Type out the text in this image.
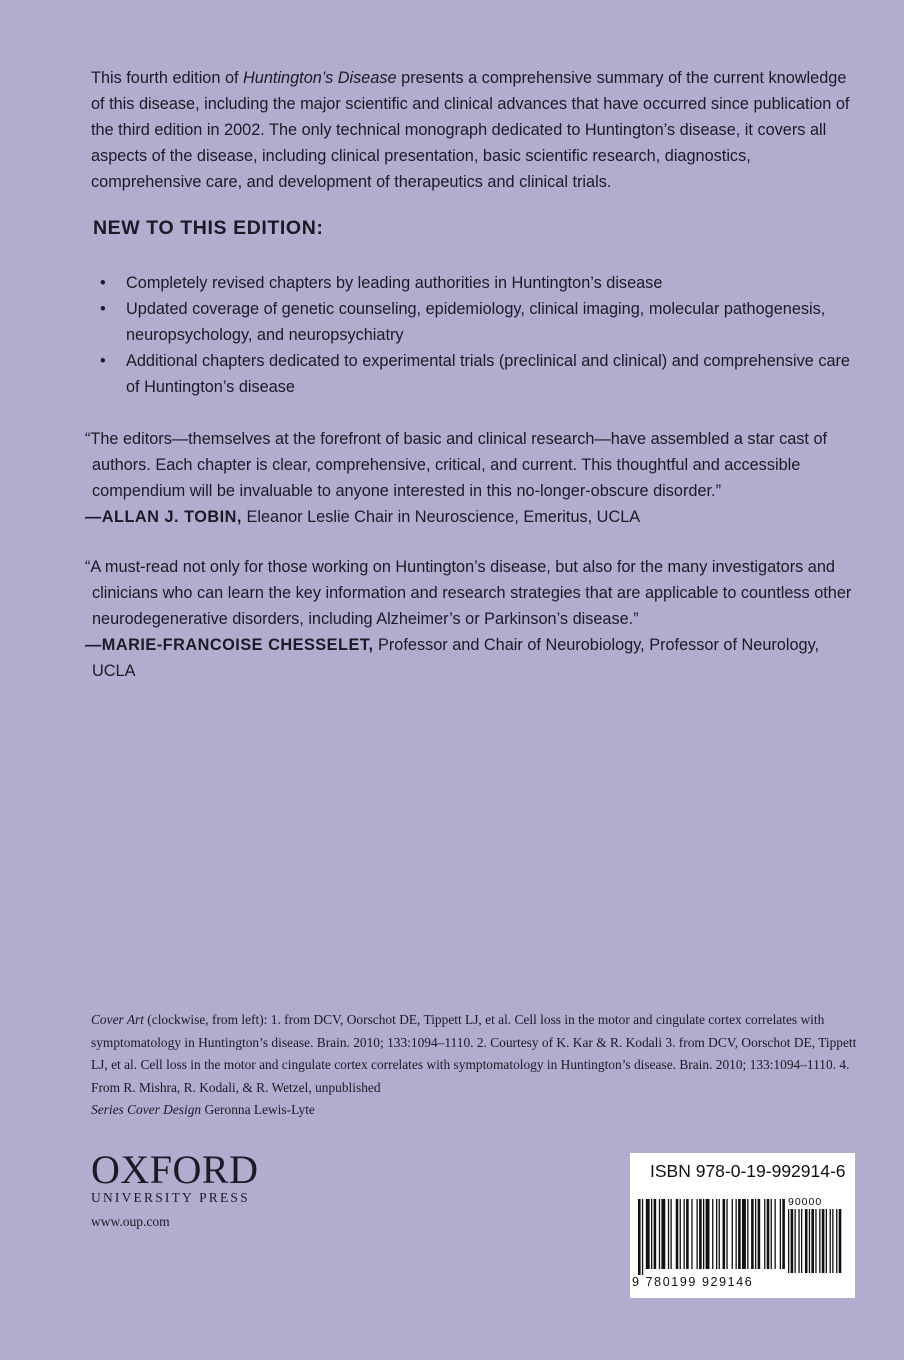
This fourth edition of Huntington’s Disease presents a comprehensive summary of the current knowledge of this disease, including the major scientific and clinical advances that have occurred since publication of the third edition in 2002. The only technical monograph dedicated to Huntington’s disease, it covers all aspects of the disease, including clinical presentation, basic scientific research, diagnostics, comprehensive care, and development of therapeutics and clinical trials.

NEW TO THIS EDITION:
• Completely revised chapters by leading authorities in Huntington’s disease
• Updated coverage of genetic counseling, epidemiology, clinical imaging, molecular pathogenesis, neuropsychology, and neuropsychiatry
• Additional chapters dedicated to experimental trials (preclinical and clinical) and comprehensive care of Huntington’s disease

“The editors—themselves at the forefront of basic and clinical research—have assembled a star cast of authors. Each chapter is clear, comprehensive, critical, and current. This thoughtful and accessible compendium will be invaluable to anyone interested in this no-longer-obscure disorder.”

—ALLAN J. TOBIN, Eleanor Leslie Chair in Neuroscience, Emeritus, UCLA

“A must-read not only for those working on Huntington’s disease, but also for the many investigators and clinicians who can learn the key information and research strategies that are applicable to countless other neurodegenerative disorders, including Alzheimer’s or Parkinson’s disease.”

—MARIE-FRANCOISE CHESSELET, Professor and Chair of Neurobiology, Professor of Neurology, UCLA

Cover Art (clockwise, from left): 1. from DCV, Oorschot DE, Tippett LJ, et al. Cell loss in the motor and cingulate cortex correlates with symptomatology in Huntington’s disease. Brain. 2010; 133:1094–1110. 2. Courtesy of K. Kar & R. Kodali 3. from DCV, Oorschot DE, Tippett LJ, et al. Cell loss in the motor and cingulate cortex correlates with symptomatology in Huntington’s disease. Brain. 2010; 133:1094–1110. 4. From R. Mishra, R. Kodali, & R. Wetzel, unpublished

Series Cover Design Geronna Lewis-Lyte

OXFORD
UNIVERSITY PRESS
www.oup.com
ISBN 978-0-19-992914-6
90000
9 780199 929146
